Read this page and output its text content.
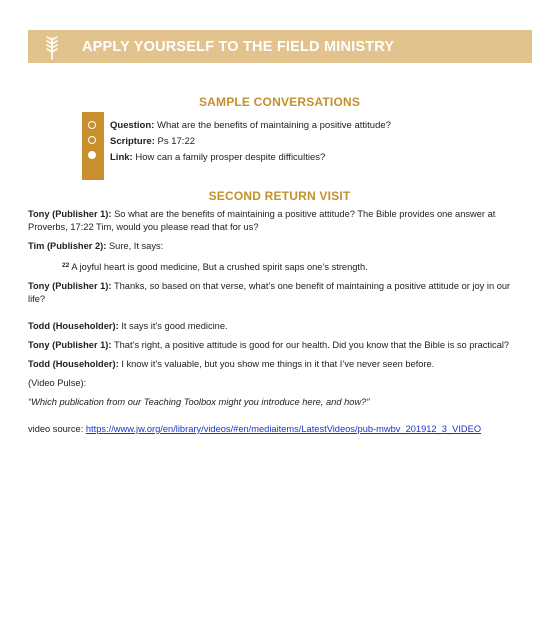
APPLY YOURSELF TO THE FIELD MINISTRY
SAMPLE CONVERSATIONS
Question: What are the benefits of maintaining a positive attitude?
Scripture: Ps 17:22
Link: How can a family prosper despite difficulties?
SECOND RETURN VISIT

Tony (Publisher 1): So what are the benefits of maintaining a positive attitude? The Bible provides one answer at Proverbs, 17:22 Tim, would you please read that for us?

Tim (Publisher 2): Sure, It says:

$^{22}$ A joyful heart is good medicine, But a crushed spirit saps one’s strength.

Tony (Publisher 1): Thanks, so based on that verse, what’s one benefit of maintaining a positive attitude or joy in our life?

Todd (Householder): It says it’s good medicine.

Tony (Publisher 1): That’s right, a positive attitude is good for our health. Did you know that the Bible is so practical?

Todd (Householder): I know it’s valuable, but you show me things in it that I’ve never seen before.

(Video Pulse):

“Which publication from our Teaching Toolbox might you introduce here, and how?”

video source: https://www.jw.org/en/library/videos/#en/mediaitems/LatestVideos/pub-mwbv_201912_3_VIDEO
